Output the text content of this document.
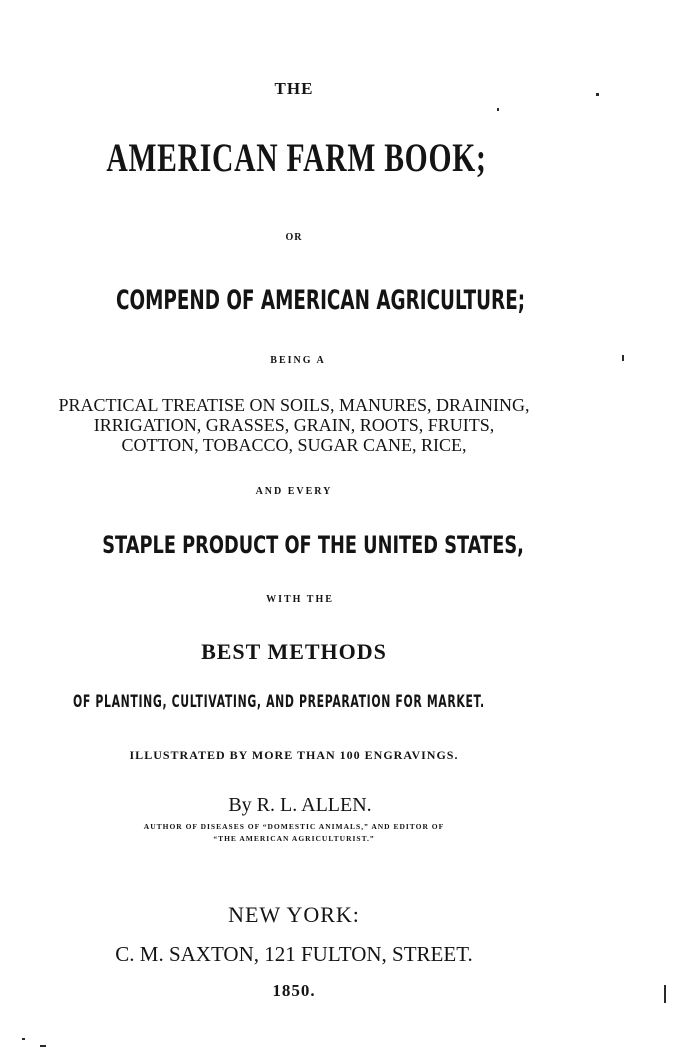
THE
AMERICAN FARM BOOK;
OR
COMPEND OF AMERICAN AGRICULTURE;
BEING A
PRACTICAL TREATISE ON SOILS, MANURES, DRAINING,
IRRIGATION, GRASSES, GRAIN, ROOTS, FRUITS,
COTTON, TOBACCO, SUGAR CANE, RICE,
AND EVERY
STAPLE PRODUCT OF THE UNITED STATES,
WITH THE
BEST METHODS
OF PLANTING, CULTIVATING, AND PREPARATION FOR MARKET.
ILLUSTRATED BY MORE THAN 100 ENGRAVINGS.
By R. L. ALLEN.
AUTHOR OF DISEASES OF “DOMESTIC ANIMALS,” AND EDITOR OF
“THE AMERICAN AGRICULTURIST.”
NEW YORK:
C. M. SAXTON, 121 FULTON, STREET.
1850.
